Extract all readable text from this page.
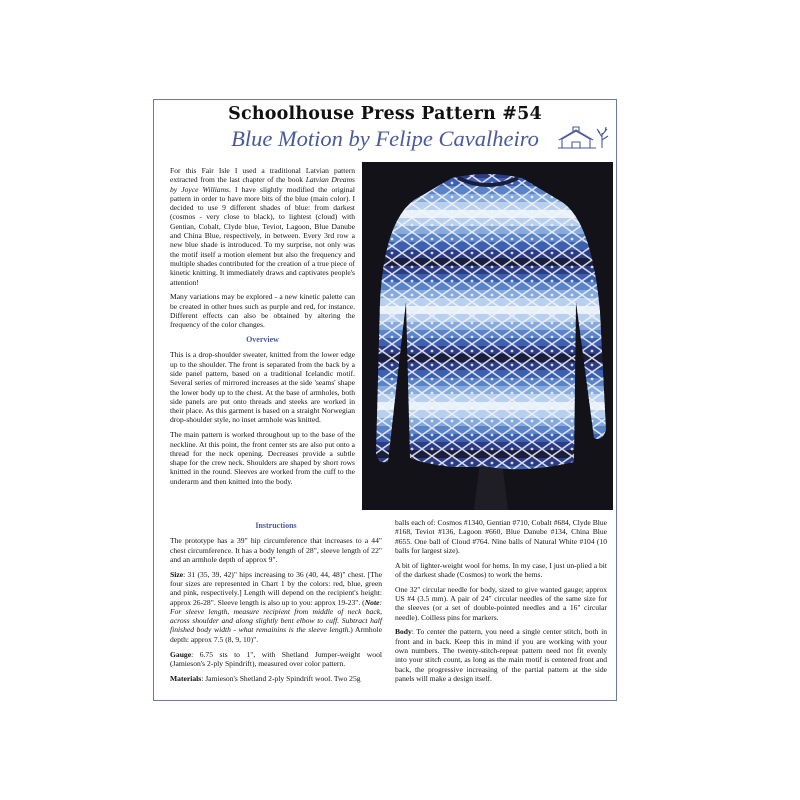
Schoolhouse Press Pattern #54
Blue Motion by Felipe Cavalheiro

For this Fair Isle I used a traditional Latvian pattern extracted from the last chapter of the book Latvian Dreams by Joyce Williams. I have slightly modified the original pattern in order to have more bits of the blue (main color). I decided to use 9 different shades of blue: from darkest (cosmos - very close to black), to lightest (cloud) with Gentian, Cobalt, Clyde blue, Teviot, Lagoon, Blue Danube and China Blue, respectively, in between. Every 3rd row a new blue shade is introduced. To my surprise, not only was the motif itself a motion element but also the frequency and multiple shades contributed for the creation of a true piece of kinetic knitting. It immediately draws and captivates people's attention!

Many variations may be explored - a new kinetic palette can be created in other hues such as purple and red, for instance. Different effects can also be obtained by altering the frequency of the color changes.

Overview

This is a drop-shoulder sweater, knitted from the lower edge up to the shoulder. The front is separated from the back by a side panel pattern, based on a traditional Icelandic motif. Several series of mirrored increases at the side 'seams' shape the lower body up to the chest. At the base of armholes, both side panels are put onto threads and steeks are worked in their place. As this garment is based on a straight Norwegian drop-shoulder style, no inset armhole was knitted.

The main pattern is worked throughout up to the base of the neckline. At this point, the front center sts are also put onto a thread for the neck opening. Decreases provide a subtle shape for the crew neck. Shoulders are shaped by short rows knitted in the round. Sleeves are worked from the cuff to the underarm and then knitted into the body.

Instructions

The prototype has a 39" hip circumference that increases to a 44" chest circumference. It has a body length of 28", sleeve length of 22" and an armhole depth of approx 9".

Size: 31 (35, 39, 42)" hips increasing to 36 (40, 44, 48)" chest. [The four sizes are represented in Chart 1 by the colors: red, blue, green and pink, respectively.] Length will depend on the recipient's height: approx 26-28". Sleeve length is also up to you: approx 19-23". (Note: For sleeve length, measure recipient from middle of neck back, across shoulder and along slightly bent elbow to cuff. Subtract half finished body width - what remainins is the sleeve length.) Armhole depth: approx 7.5 (8, 9, 10)".

Gauge: 6.75 sts to 1", with Shetland Jumper-weight wool (Jamieson's 2-ply Spindrift), measured over color pattern.

Materials: Jamieson's Shetland 2-ply Spindrift wool. Two 25g

balls each of: Cosmos #1340, Gentian #710, Cobalt #684, Clyde Blue #168, Teviot #136, Lagoon #660, Blue Danube #134, China Blue #655. One ball of Cloud #764. Nine balls of Natural White #104 (10 balls for largest size).

A bit of lighter-weight wool for hems. In my case, I just un-plied a bit of the darkest shade (Cosmos) to work the hems.

One 32" circular needle for body, sized to give wanted gauge; approx US #4 (3.5 mm). A pair of 24" circular needles of the same size for the sleeves (or a set of double-pointed needles and a 16" circular needle). Coilless pins for markers.

Body: To center the pattern, you need a single center stitch, both in front and in back. Keep this in mind if you are working with your own numbers. The twenty-stitch-repeat pattern need not fit evenly into your stitch count, as long as the main motif is centered front and back, the progressive increasing of the partial pattern at the side panels will make a design itself.
